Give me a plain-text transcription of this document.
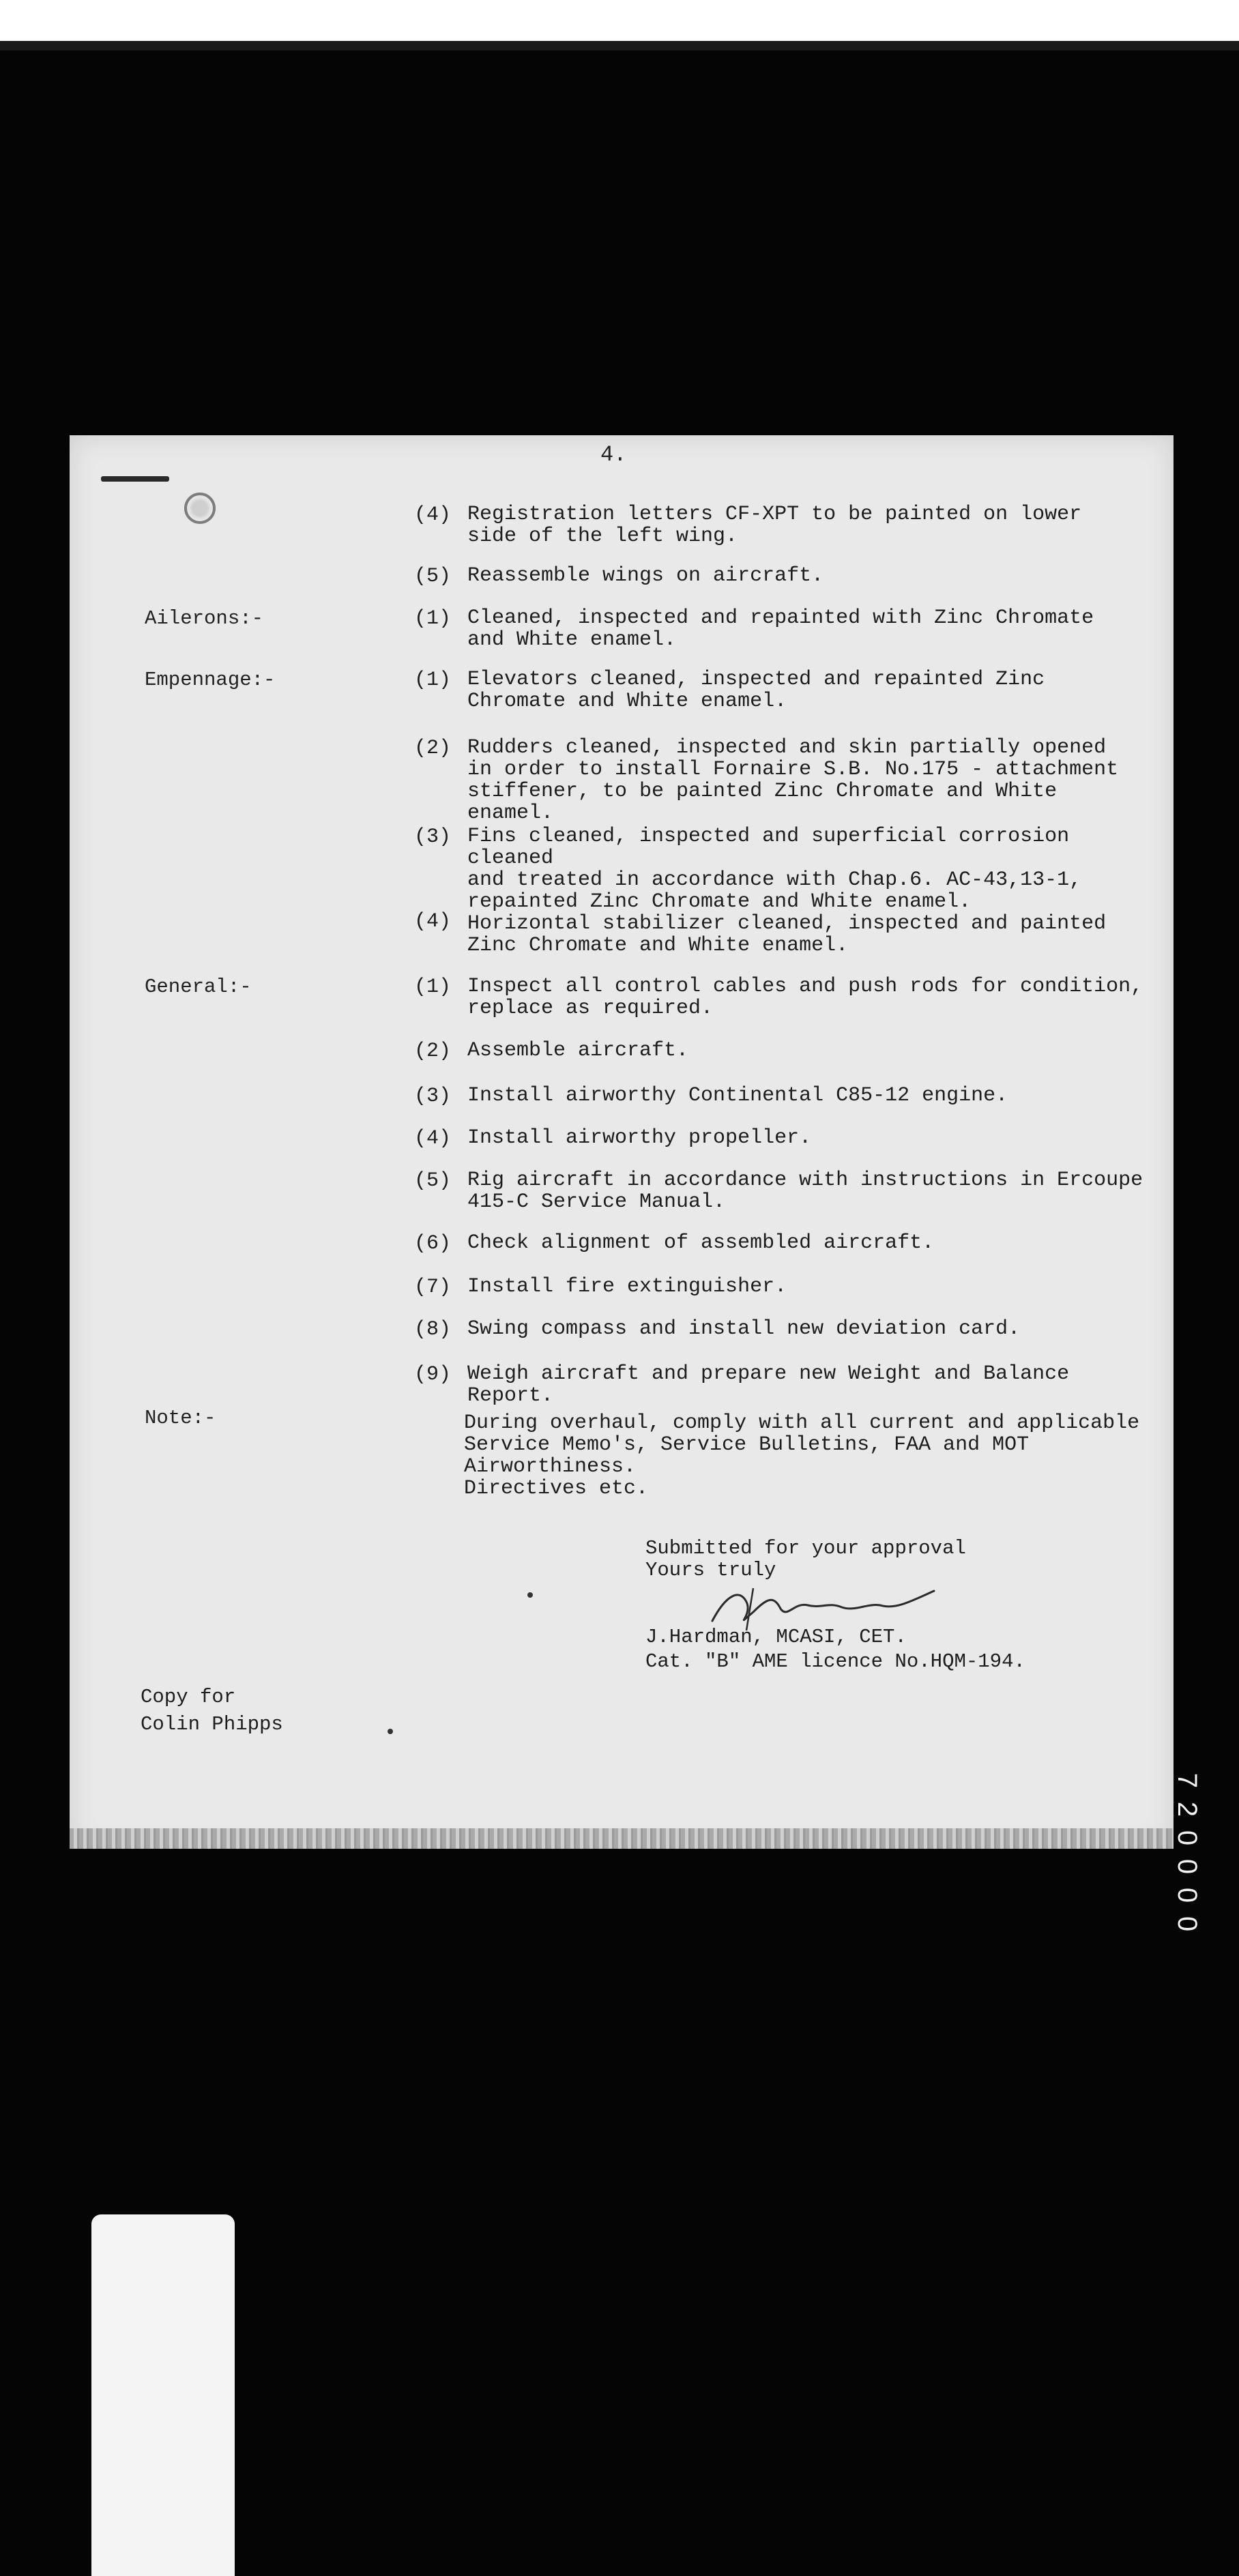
4.
(4) Registration letters CF-XPT to be painted on lower
side of the left wing.
(5) Reassemble wings on aircraft.
Ailerons:-	(1) Cleaned, inspected and repainted with Zinc Chromate
and White enamel.
Empennage:-	(1) Elevators cleaned, inspected and repainted Zinc
Chromate and White enamel.
(2) Rudders cleaned, inspected and skin partially opened
in order to install Fornaire S.B. No.175 - attachment
stiffener, to be painted Zinc Chromate and White enamel.
(3) Fins cleaned, inspected and superficial corrosion cleaned
and treated in accordance with Chap.6. AC-43,13-1,
repainted Zinc Chromate and White enamel.
(4) Horizontal stabilizer cleaned, inspected and painted
Zinc Chromate and White enamel.
General:-	(1) Inspect all control cables and push rods for condition,
replace as required.
(2) Assemble aircraft.
(3) Install airworthy Continental C85-12 engine.
(4) Install airworthy propeller.
(5) Rig aircraft in accordance with instructions in Ercoupe
415-C Service Manual.
(6) Check alignment of assembled aircraft.
(7) Install fire extinguisher.
(8) Swing compass and install new deviation card.
(9) Weigh aircraft and prepare new Weight and Balance Report.
Note:-	During overhaul, comply with all current and applicable
Service Memo's, Service Bulletins, FAA and MOT Airworthiness.
Directives etc.
Submitted for your approval
Yours truly
J.Hardman, MCASI, CET.
Cat. "B" AME licence No.HQM-194.
Copy for
Colin Phipps
7
2
0
0
0
0
